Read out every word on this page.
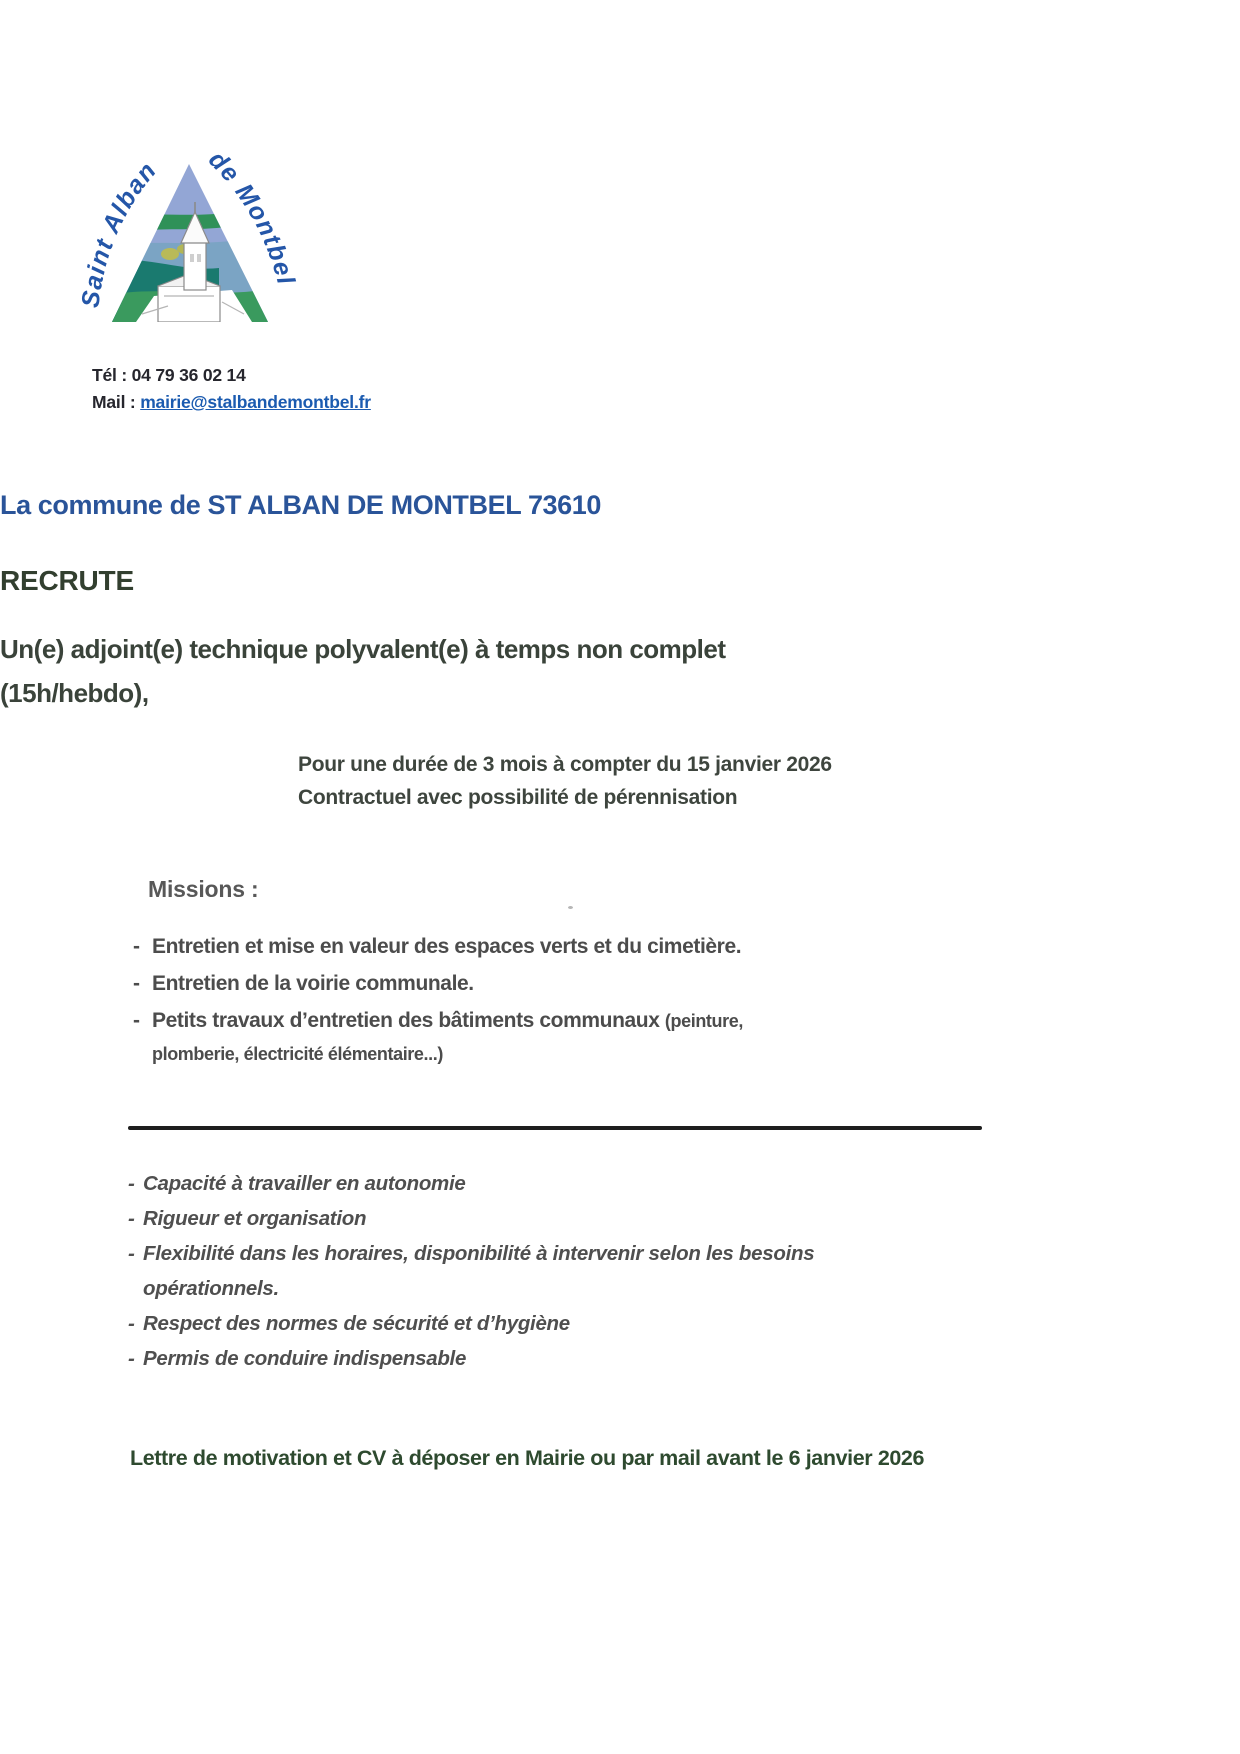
Saint Alban de Montbel
Tél : 04 79 36 02 14
Mail : mairie@stalbandemontbel.fr
La commune de ST ALBAN DE MONTBEL 73610
RECRUTE
Un(e) adjoint(e) technique polyvalent(e) à temps non complet
(15h/hebdo),
Pour une durée de 3 mois à compter du 15 janvier 2026
Contractuel avec possibilité de pérennisation
Missions :
- Entretien et mise en valeur des espaces verts et du cimetière.
- Entretien de la voirie communale.
- Petits travaux d’entretien des bâtiments communaux (peinture,
plomberie, électricité élémentaire...)
- Capacité à travailler en autonomie
- Rigueur et organisation
- Flexibilité dans les horaires, disponibilité à intervenir selon les besoins
opérationnels.
- Respect des normes de sécurité et d’hygiène
- Permis de conduire indispensable
Lettre de motivation et CV à déposer en Mairie ou par mail avant le 6 janvier 2026
